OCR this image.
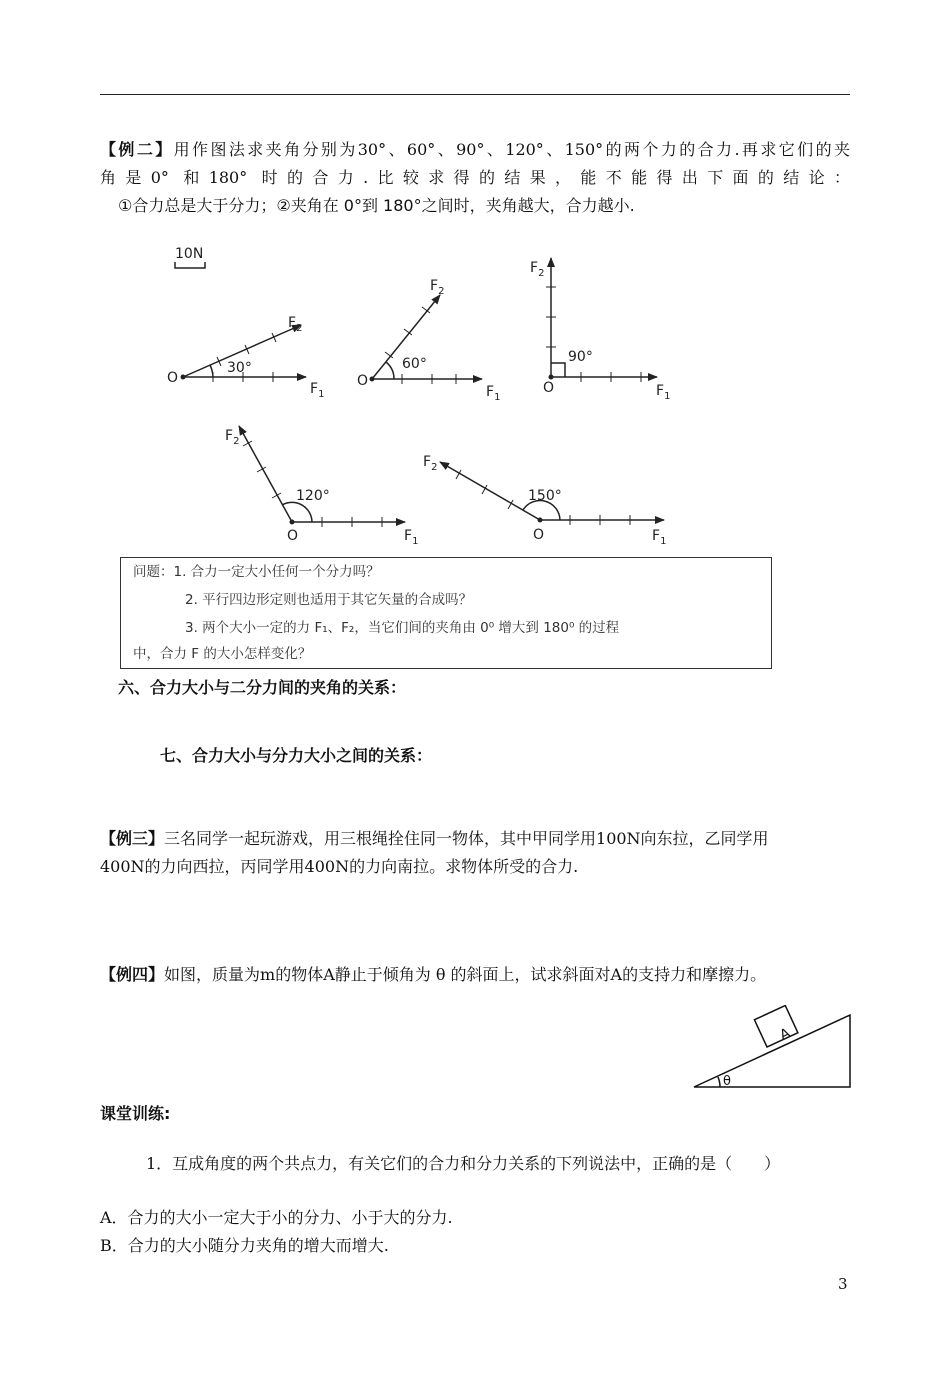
【例二】用作图法求夹角分别为30°、60°、90°、120°、150°的两个力的合力.再求它们的夹
角是0° 和180° 时的合力.比较求得的结果，能不能得出下面的结论：
①合力总是大于分力；②夹角在 0°到 180°之间时，夹角越大，合力越小.
10N
O
30°
$F_2$
$F_1$
O
60°
$F_2$
$F_1$
O
90°
$F_2$
$F_1$
O
120°
$F_2$
$F_1$	O
150°
$F_2$
$F_1$
问题：1. 合力一定大小任何一个分力吗？
2. 平行四边形定则也适用于其它矢量的合成吗？
3. 两个大小一定的力 F₁、F₂，当它们间的夹角由 0⁰ 增大到 180⁰ 的过程
中，合力 F 的大小怎样变化？
六、合力大小与二分力间的夹角的关系：
七、合力大小与分力大小之间的关系：
【例三】三名同学一起玩游戏，用三根绳拴住同一物体，其中甲同学用100N向东拉，乙同学用
400N的力向西拉，丙同学用400N的力向南拉。求物体所受的合力.
【例四】如图，质量为m的物体A静止于倾角为 θ 的斜面上，试求斜面对A的支持力和摩擦力。
A
θ
课堂训练:
1．互成角度的两个共点力，有关它们的合力和分力关系的下列说法中，正确的是（　　）
A．合力的大小一定大于小的分力、小于大的分力.
B．合力的大小随分力夹角的增大而增大.
3
